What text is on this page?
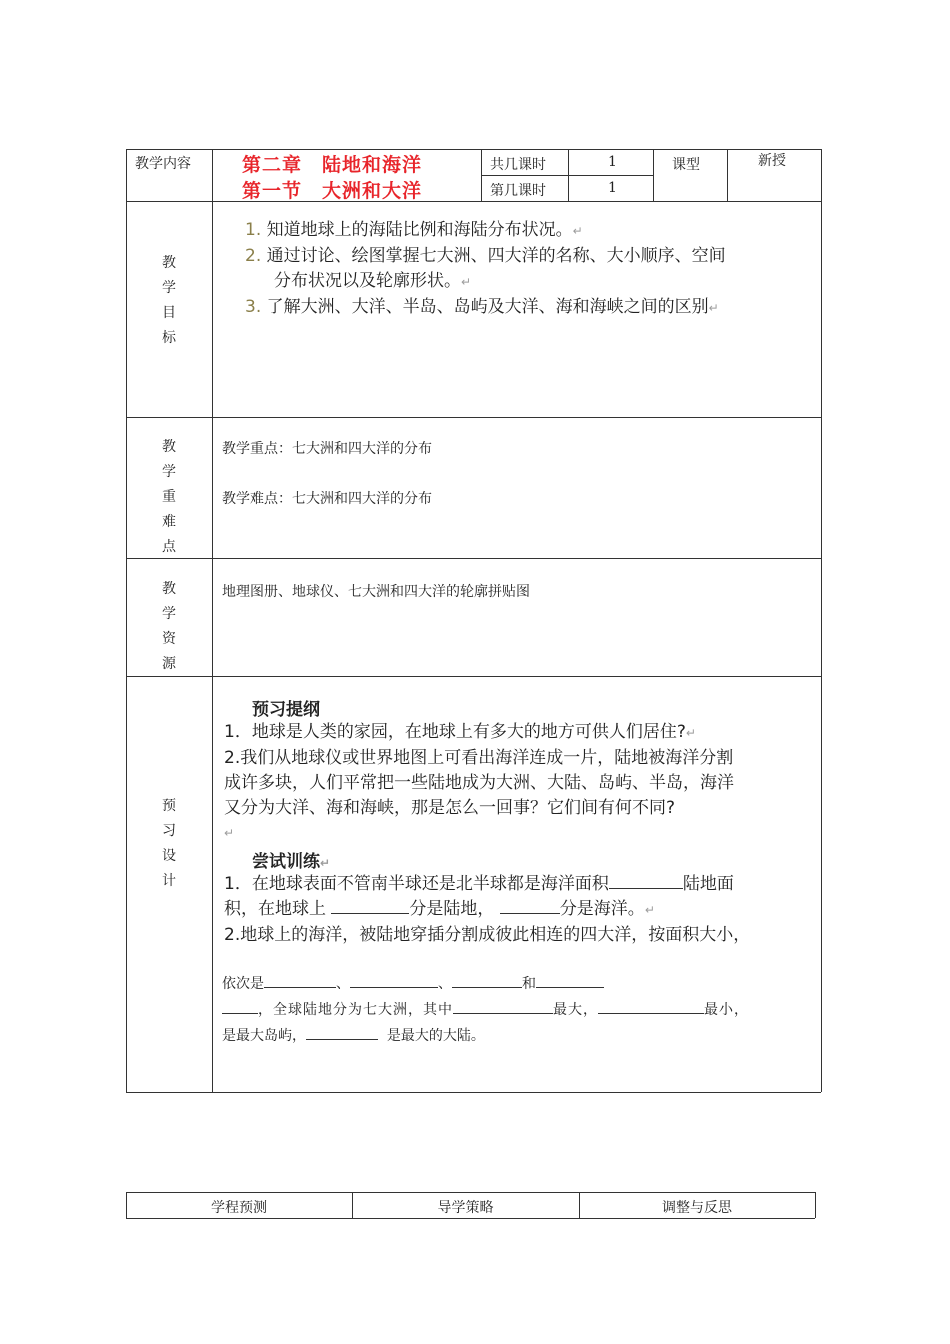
教学内容	第二章　陆地和海洋
第一节　大洲和大洋
共几课时	1
第几课时	1
课型	新授
教
学
目
标
1. 知道地球上的海陆比例和海陆分布状况。↵
2. 通过讨论、绘图掌握七大洲、四大洋的名称、大小顺序、空间
分布状况以及轮廓形状。↵
3. 了解大洲、大洋、半岛、岛屿及大洋、海和海峡之间的区别↵
教
学
重
难
点
教学重点：七大洲和四大洋的分布
教学难点：七大洲和四大洋的分布
教
学
资
源
地理图册、地球仪、七大洲和四大洋的轮廓拼贴图
预
习
设
计
预习提纲
1．地球是人类的家园，在地球上有多大的地方可供人们居住?↵
2.我们从地球仪或世界地图上可看出海洋连成一片，陆地被海洋分割
成许多块，人们平常把一些陆地成为大洲、大陆、岛屿、半岛，海洋
又分为大洋、海和海峡，那是怎么一回事？它们间有何不同?
↵
尝试训练↵
1．在地球表面不管南半球还是北半球都是海洋面积	陆地面
积，在地球上	分是陆地，	分是海洋。↵
2.地球上的海洋，被陆地穿插分割成彼此相连的四大洋，按面积大小，
依次是	、	、	和
，全球陆地分为七大洲，其中	最大，	最小，
是最大岛屿，	是最大的大陆。
学程预测	导学策略	调整与反思
